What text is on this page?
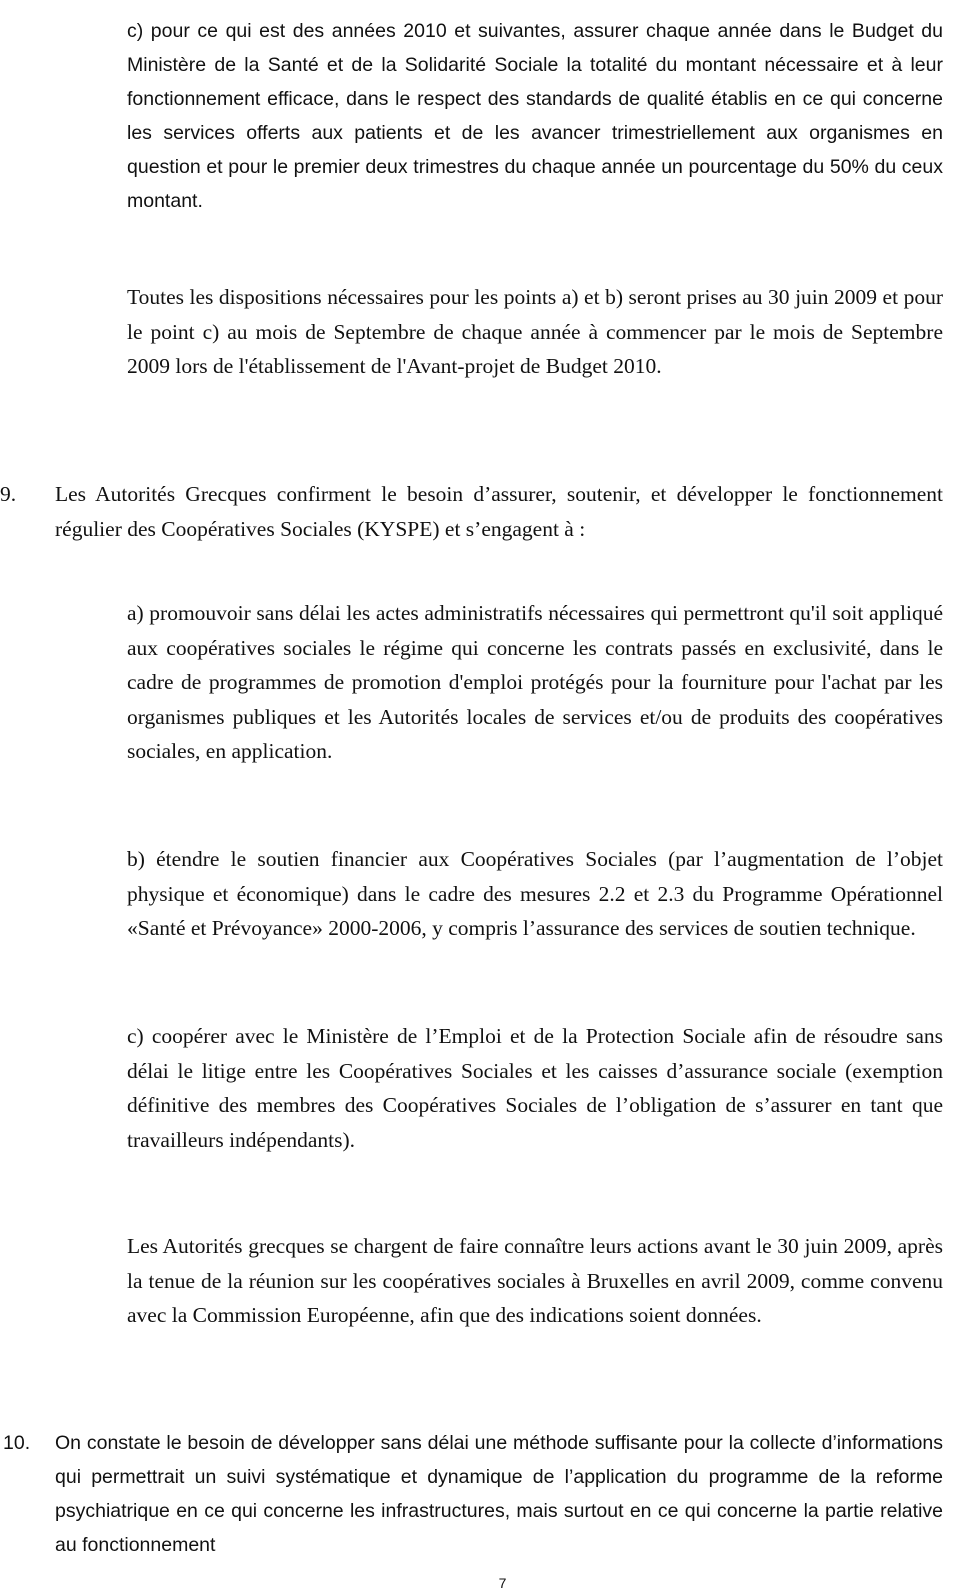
c) pour ce qui est des années 2010 et suivantes, assurer chaque année dans le Budget du Ministère de la Santé et de la Solidarité Sociale la totalité du montant nécessaire et à leur fonctionnement efficace, dans le respect des standards de qualité établis en ce qui concerne les services offerts aux patients et de les avancer trimestriellement aux organismes en question et pour le premier deux trimestres du chaque année un pourcentage du 50% du ceux montant.

Toutes les dispositions nécessaires pour les points a) et b) seront prises au 30 juin 2009 et pour le point c) au mois de Septembre de chaque année à commencer par le mois de Septembre 2009 lors de l'établissement de l'Avant-projet de Budget 2010.

9. Les Autorités Grecques confirment le besoin d’assurer, soutenir, et développer le fonctionnement régulier des Coopératives Sociales (KYSPE) et s’engagent à :

a) promouvoir sans délai les actes administratifs nécessaires qui permettront qu'il soit appliqué aux coopératives sociales le régime qui concerne les contrats passés en exclusivité, dans le cadre de programmes de promotion d'emploi protégés pour la fourniture pour l'achat par les organismes publiques et les Autorités locales de services et/ou de produits des coopératives sociales, en application.

b) étendre le soutien financier aux Coopératives Sociales (par l’augmentation de l’objet physique et économique) dans le cadre des mesures 2.2 et 2.3 du Programme Opérationnel «Santé et Prévoyance» 2000-2006, y compris l’assurance des services de soutien technique.

c) coopérer avec le Ministère de l’Emploi et de la Protection Sociale afin de résoudre sans délai le litige entre les Coopératives Sociales et les caisses d’assurance sociale (exemption définitive des membres des Coopératives Sociales de l’obligation de s’assurer en tant que travailleurs indépendants).

Les Autorités grecques se chargent de faire connaître leurs actions avant le 30 juin 2009, après la tenue de la réunion sur les coopératives sociales à Bruxelles en avril 2009, comme convenu avec la Commission Européenne, afin que des indications soient données.

10. On constate le besoin de développer sans délai une méthode suffisante pour la collecte d’informations qui permettrait un suivi systématique et dynamique de l’application du programme de la reforme psychiatrique en ce qui concerne les infrastructures, mais surtout en ce qui concerne la partie relative au fonctionnement
7
